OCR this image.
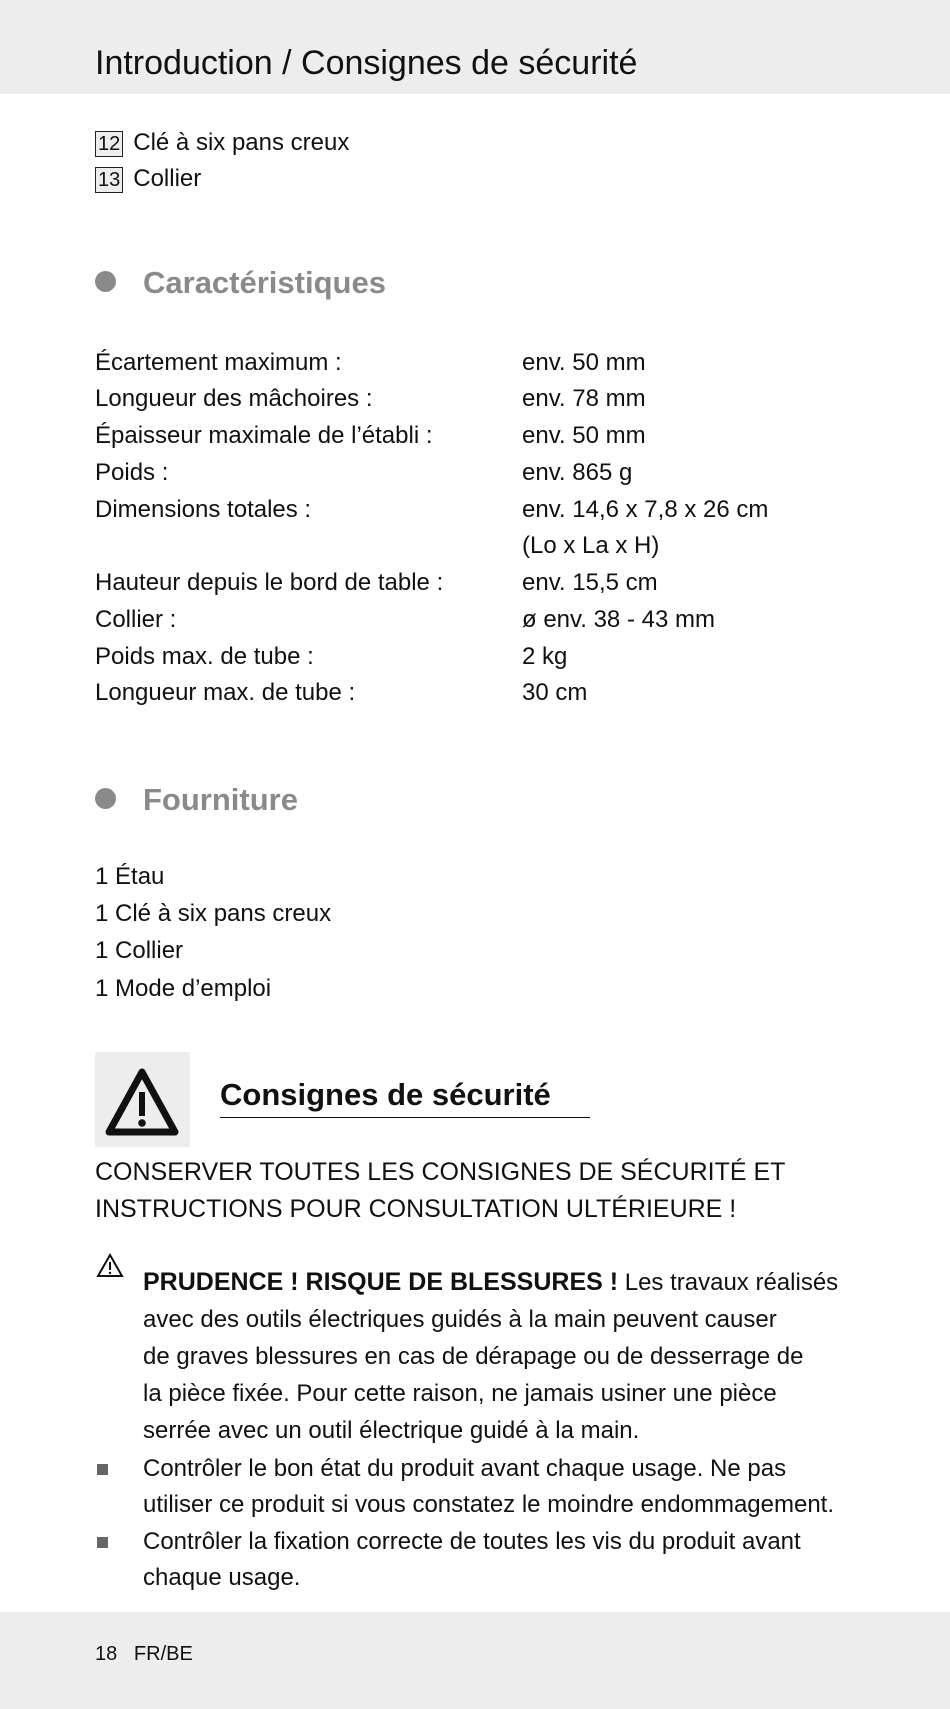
Introduction / Consignes de sécurité
12 Clé à six pans creux
13 Collier
Caractéristiques
Écartement maximum :	env. 50 mm
Longueur des mâchoires :	env. 78 mm
Épaisseur maximale de l’établi :	env. 50 mm
Poids :	env. 865 g
Dimensions totales :	env. 14,6 x 7,8 x 26 cm
(Lo x La x H)
Hauteur depuis le bord de table :	env. 15,5 cm
Collier :	ø env. 38 - 43 mm
Poids max. de tube :	2 kg
Longueur max. de tube :	30 cm
Fourniture
1 Étau
1 Clé à six pans creux
1 Collier
1 Mode d’emploi
Consignes de sécurité
CONSERVER TOUTES LES CONSIGNES DE SÉCURITÉ ET
INSTRUCTIONS POUR CONSULTATION ULTÉRIEURE !
PRUDENCE ! RISQUE DE BLESSURES ! Les travaux réalisés
avec des outils électriques guidés à la main peuvent causer
de graves blessures en cas de dérapage ou de desserrage de
la pièce fixée. Pour cette raison, ne jamais usiner une pièce
serrée avec un outil électrique guidé à la main.
Contrôler le bon état du produit avant chaque usage. Ne pas
utiliser ce produit si vous constatez le moindre endommagement.
Contrôler la fixation correcte de toutes les vis du produit avant
chaque usage.
18 FR/BE
